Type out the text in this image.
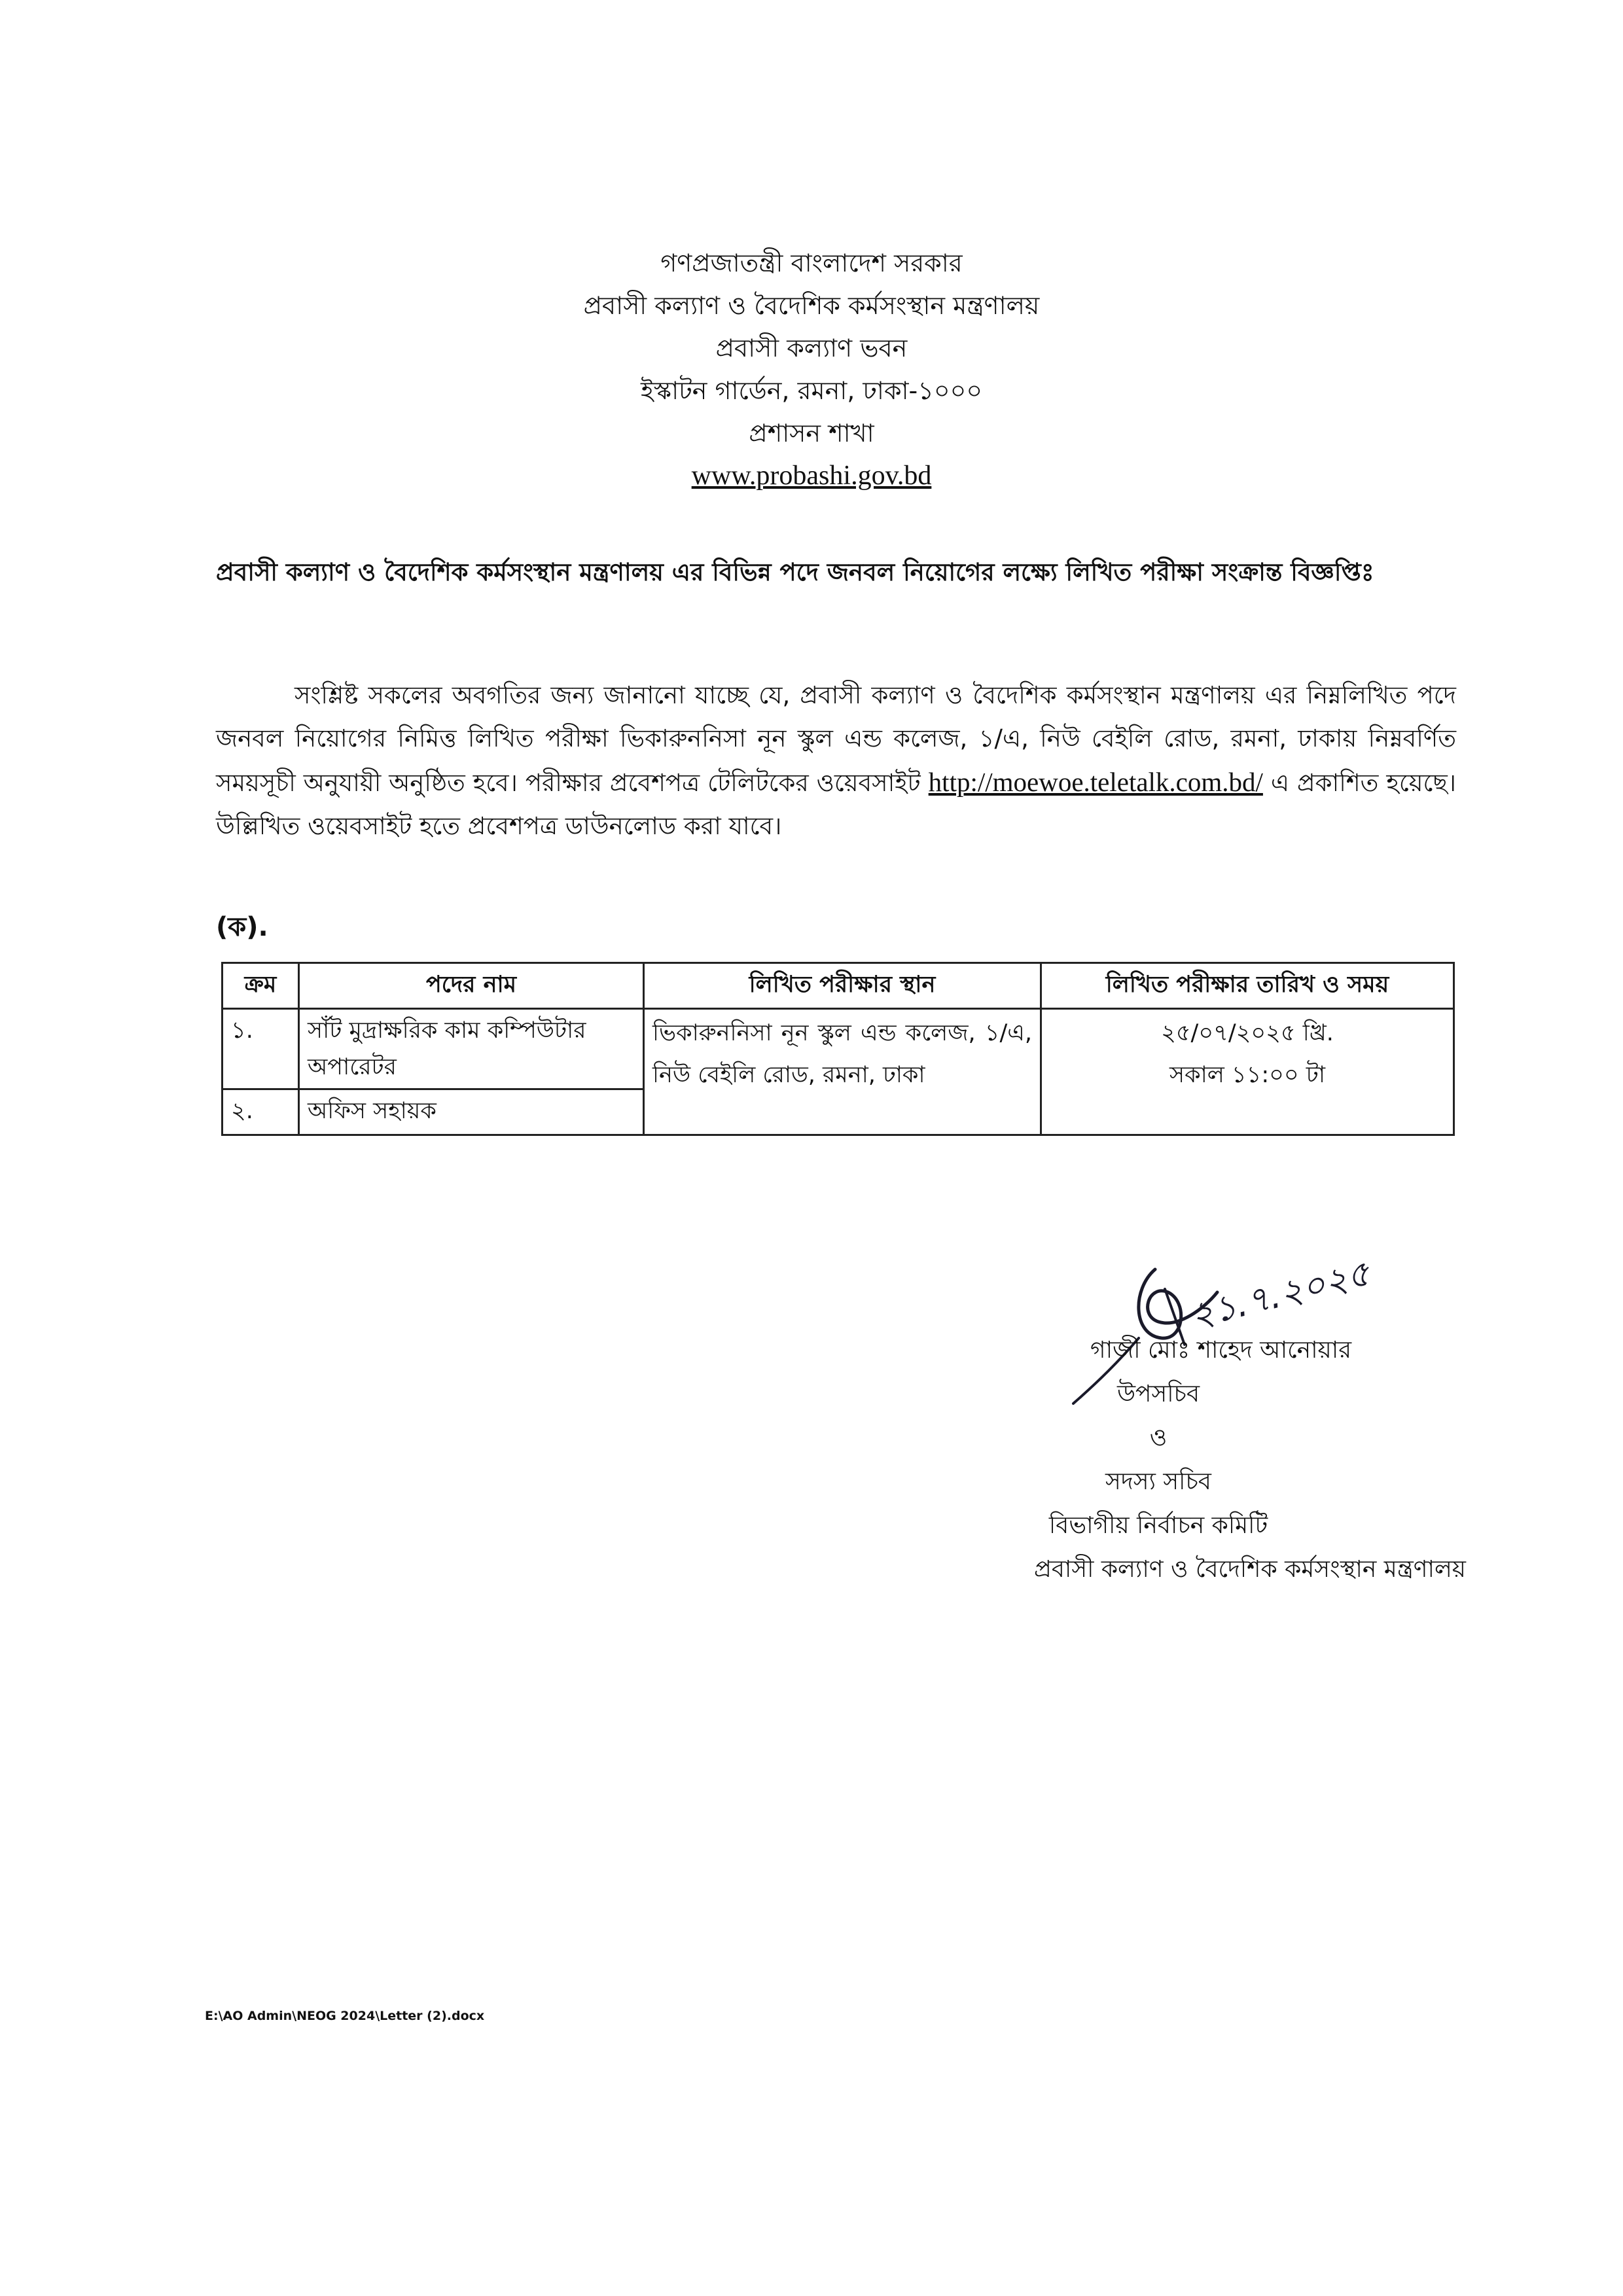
গণপ্রজাতন্ত্রী বাংলাদেশ সরকার
প্রবাসী কল্যাণ ও বৈদেশিক কর্মসংস্থান মন্ত্রণালয়
প্রবাসী কল্যাণ ভবন
ইস্কাটন গার্ডেন, রমনা, ঢাকা-১০০০
প্রশাসন শাখা
www.probashi.gov.bd
প্রবাসী কল্যাণ ও বৈদেশিক কর্মসংস্থান মন্ত্রণালয় এর বিভিন্ন পদে জনবল নিয়োগের লক্ষ্যে লিখিত পরীক্ষা সংক্রান্ত বিজ্ঞপ্তিঃ
সংশ্লিষ্ট সকলের অবগতির জন্য জানানো যাচ্ছে যে, প্রবাসী কল্যাণ ও বৈদেশিক কর্মসংস্থান মন্ত্রণালয় এর নিম্নলিখিত পদে জনবল নিয়োগের নিমিত্ত লিখিত পরীক্ষা ভিকারুননিসা নূন স্কুল এন্ড কলেজ, ১/এ, নিউ বেইলি রোড, রমনা, ঢাকায় নিম্নবর্ণিত সময়সূচী অনুযায়ী অনুষ্ঠিত হবে। পরীক্ষার প্রবেশপত্র টেলিটকের ওয়েবসাইট http://moewoe.teletalk.com.bd/ এ প্রকাশিত হয়েছে। উল্লিখিত ওয়েবসাইট হতে প্রবেশপত্র ডাউনলোড করা যাবে।
(ক).
ক্রম	পদের নাম	লিখিত পরীক্ষার স্থান	লিখিত পরীক্ষার তারিখ ও সময়
১.	সাঁট মুদ্রাক্ষরিক কাম কম্পিউটার অপারেটর	ভিকারুননিসা নূন স্কুল এন্ড কলেজ, ১/এ, নিউ বেইলি রোড, রমনা, ঢাকা	২৫/০৭/২০২৫ খ্রি.
সকাল ১১:০০ টা

২.	অফিস সহায়ক		
২১.৭.২০২৫
গাজী মোঃ শাহেদ আনোয়ার
উপসচিব
ও
সদস্য সচিব
বিভাগীয় নির্বাচন কমিটি
প্রবাসী কল্যাণ ও বৈদেশিক কর্মসংস্থান মন্ত্রণালয়
E:\AO Admin\NEOG 2024\Letter (2).docx
